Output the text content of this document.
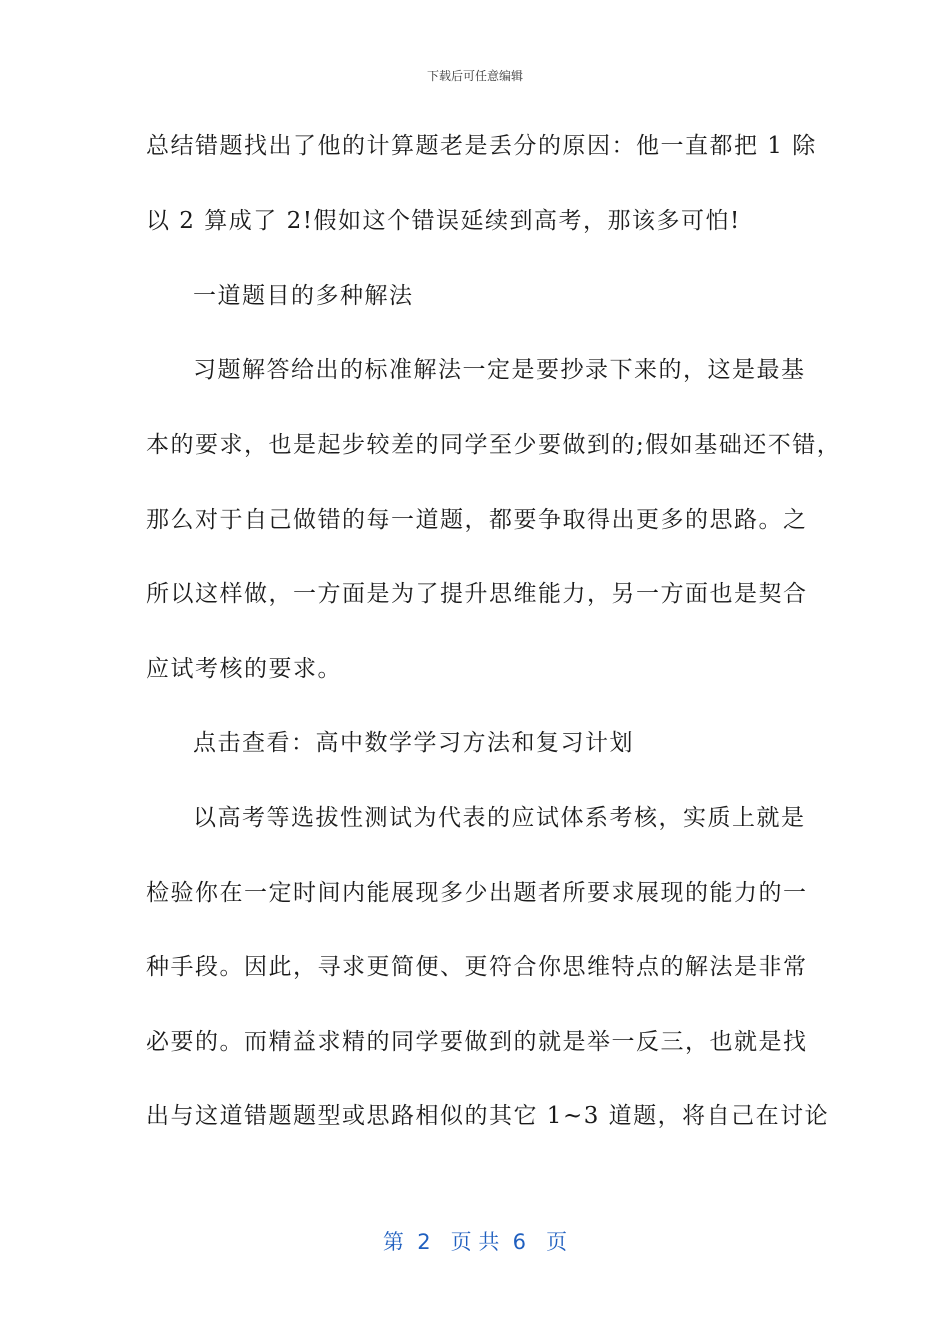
下载后可任意编辑
总结错题找出了他的计算题老是丢分的原因：他一直都把 1 除
以 2 算成了 2!假如这个错误延续到高考，那该多可怕!
一道题目的多种解法
习题解答给出的标准解法一定是要抄录下来的，这是最基
本的要求，也是起步较差的同学至少要做到的;假如基础还不错，
那么对于自己做错的每一道题，都要争取得出更多的思路。之
所以这样做，一方面是为了提升思维能力，另一方面也是契合
应试考核的要求。
点击查看：高中数学学习方法和复习计划
以高考等选拔性测试为代表的应试体系考核，实质上就是
检验你在一定时间内能展现多少出题者所要求展现的能力的一
种手段。因此，寻求更简便、更符合你思维特点的解法是非常
必要的。而精益求精的同学要做到的就是举一反三，也就是找
出与这道错题题型或思路相似的其它 1~3 道题，将自己在讨论
第  2   页 共  6   页
